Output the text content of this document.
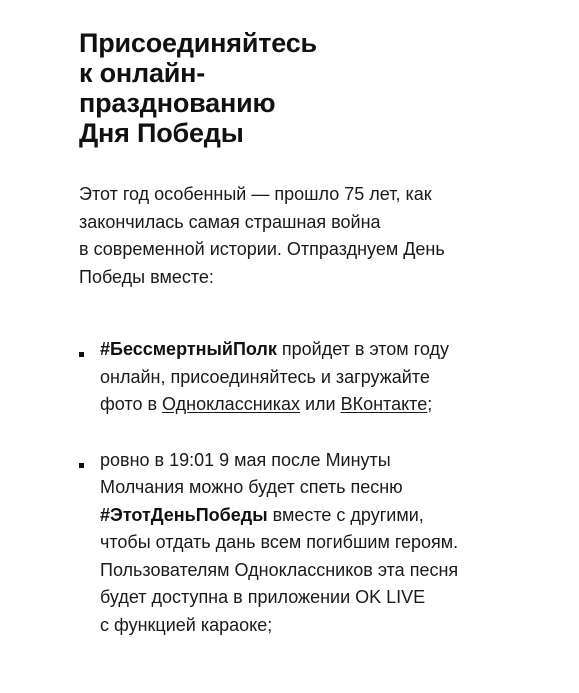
Присоединяйтесь
к онлайн-
празднованию
Дня Победы

Этот год особенный — прошло 75 лет, как
закончилась самая страшная война
в современной истории. Отпразднуем День
Победы вместе:

#БессмертныйПолк пройдет в этом году
онлайн, присоединяйтесь и загружайте
фото в Одноклассниках или ВКонтакте;
ровно в 19:01 9 мая после Минуты
Молчания можно будет спеть песню
#ЭтотДеньПобеды вместе с другими,
чтобы отдать дань всем погибшим героям.
Пользователям Одноклассников эта песня
будет доступна в приложении OK LIVE
с функцией караоке;
